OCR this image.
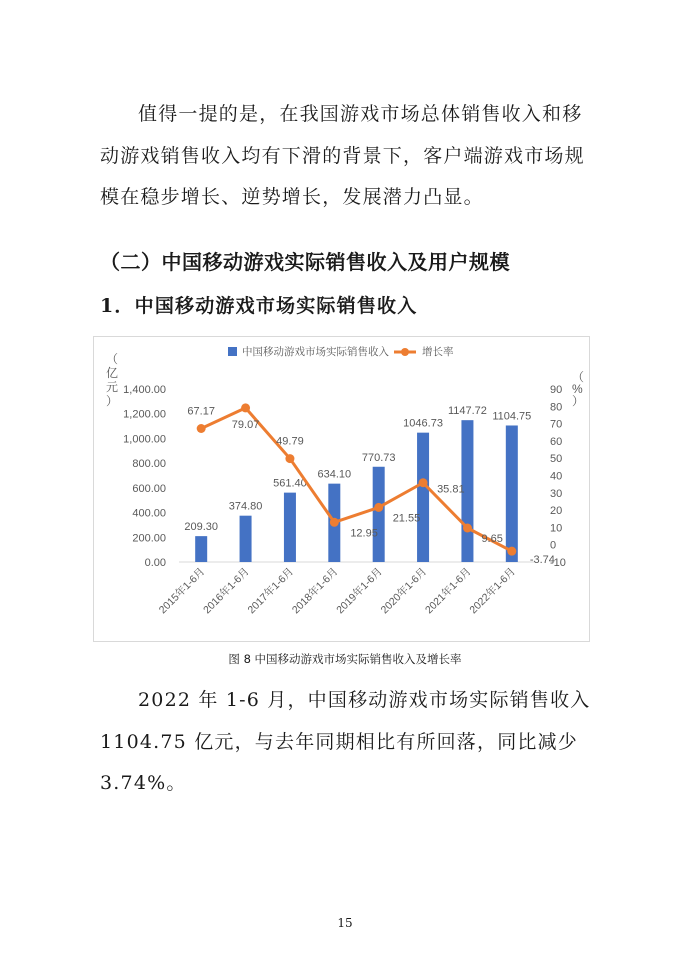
值得一提的是，在我国游戏市场总体销售收入和移动游戏销售收入均有下滑的背景下，客户端游戏市场规模在稳步增长、逆势增长，发展潜力凸显。

（二）中国移动游戏实际销售收入及用户规模
1．中国移动游戏市场实际销售收入
0.00
200.00
400.00
600.00
800.00
1,000.00
1,200.00
1,400.00
-10
0
10
20
30
40
50
60
70
80
90
（亿元）
（%）
209.30
374.80
561.40
634.10
770.73
1046.73
1147.72 1104.75
67.17
79.07
49.79
12.95
21.55
35.81
9.65
-3.74
2015年1-6月
2016年1-6月
2017年1-6月
2018年1-6月
2019年1-6月
2020年1-6月
2021年1-6月
2022年1-6月
中国移动游戏市场实际销售收入	增长率

图 8 中国移动游戏市场实际销售收入及增长率

2022 年 1-6 月，中国移动游戏市场实际销售收入1104.75 亿元，与去年同期相比有所回落，同比减少3.74%。

15
